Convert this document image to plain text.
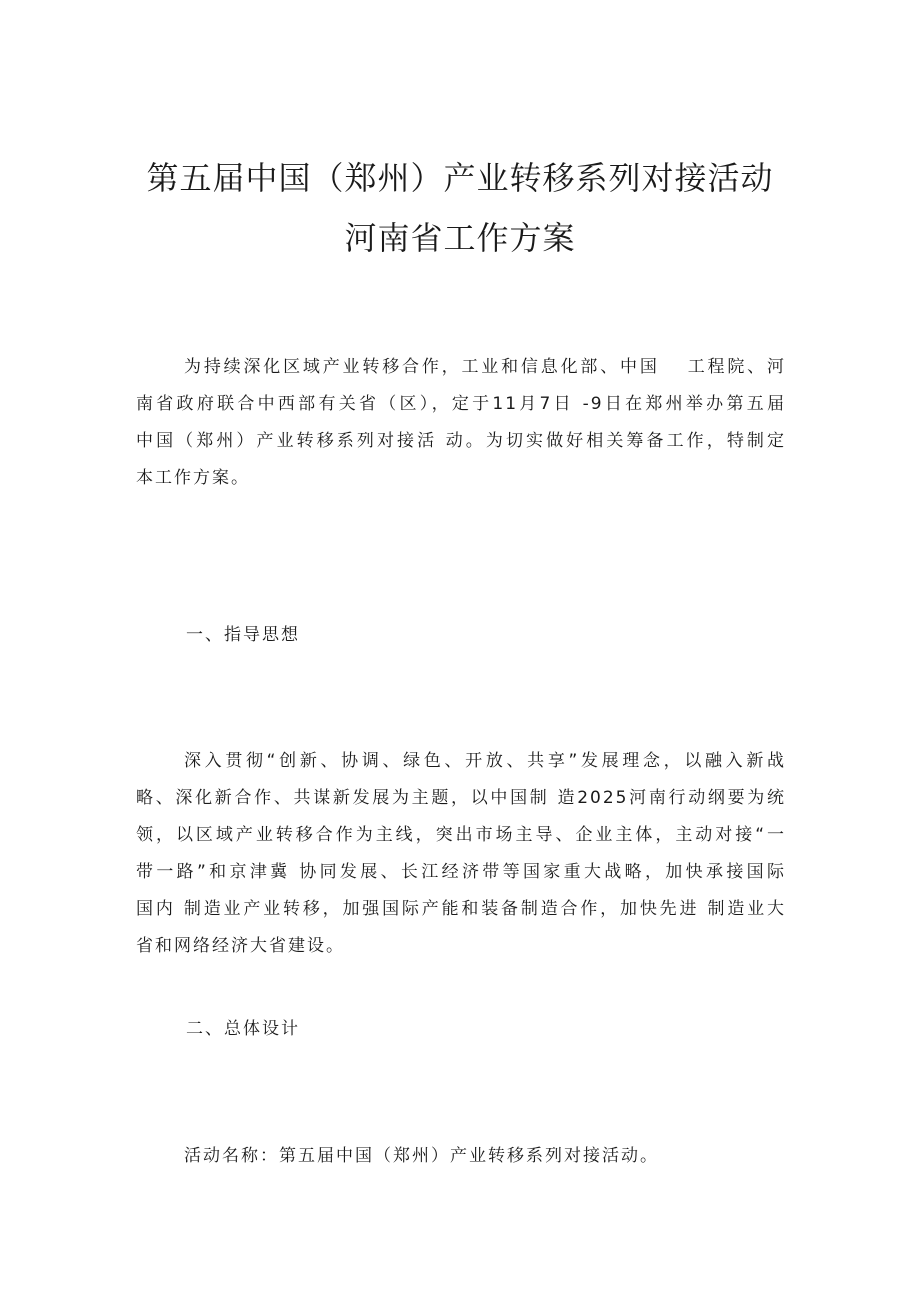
第五届中国（郑州）产业转移系列对接活动
河南省工作方案

为持续深化区域产业转移合作，工业和信息化部、中国　 工程院、河
南省政府联合中西部有关省（区），定于11月7日 -9日在郑州举办第五届
中国（郑州）产业转移系列对接活 动。为切实做好相关筹备工作，特制定
本工作方案。

一、指导思想

深入贯彻“创新、协调、绿色、开放、共享”发展理念，以融入新战
略、深化新合作、共谋新发展为主题，以中国制 造2025河南行动纲要为统
领，以区域产业转移合作为主线，突出市场主导、企业主体，主动对接“一
带一路”和京津冀 协同发展、长江经济带等国家重大战略，加快承接国际
国内 制造业产业转移，加强国际产能和装备制造合作，加快先进 制造业大
省和网络经济大省建设。

二、总体设计

活动名称：第五届中国（郑州）产业转移系列对接活动。
